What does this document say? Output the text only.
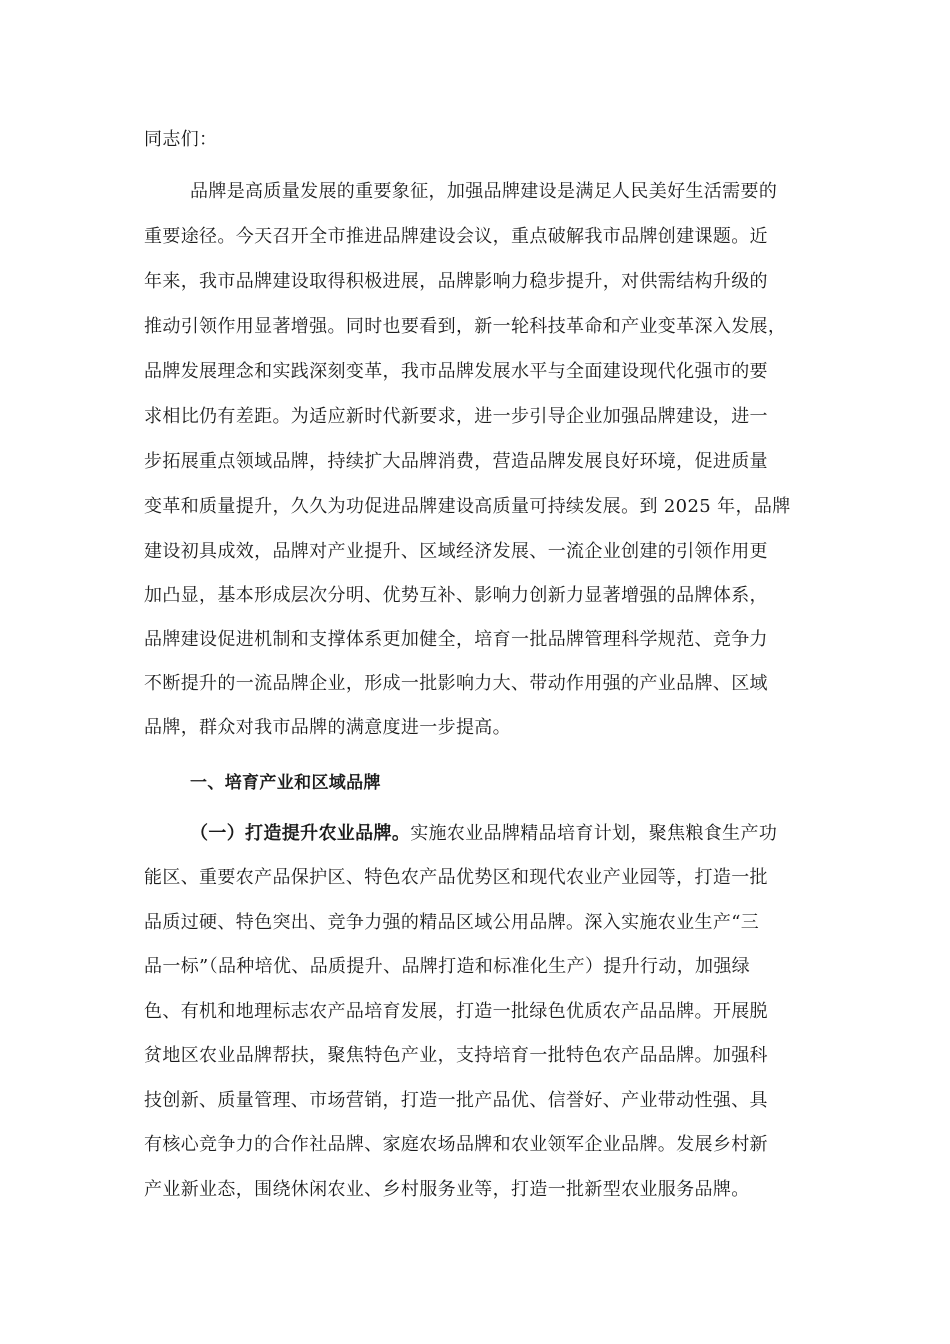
同志们：
品牌是高质量发展的重要象征，加强品牌建设是满足人民美好生活需要的
重要途径。今天召开全市推进品牌建设会议，重点破解我市品牌创建课题。近
年来，我市品牌建设取得积极进展，品牌影响力稳步提升，对供需结构升级的
推动引领作用显著增强。同时也要看到，新一轮科技革命和产业变革深入发展，
品牌发展理念和实践深刻变革，我市品牌发展水平与全面建设现代化强市的要
求相比仍有差距。为适应新时代新要求，进一步引导企业加强品牌建设，进一
步拓展重点领域品牌，持续扩大品牌消费，营造品牌发展良好环境，促进质量
变革和质量提升，久久为功促进品牌建设高质量可持续发展。到 2025 年，品牌
建设初具成效，品牌对产业提升、区域经济发展、一流企业创建的引领作用更
加凸显，基本形成层次分明、优势互补、影响力创新力显著增强的品牌体系，
品牌建设促进机制和支撑体系更加健全，培育一批品牌管理科学规范、竞争力
不断提升的一流品牌企业，形成一批影响力大、带动作用强的产业品牌、区域
品牌，群众对我市品牌的满意度进一步提高。
一、培育产业和区域品牌
（一）打造提升农业品牌。实施农业品牌精品培育计划，聚焦粮食生产功
能区、重要农产品保护区、特色农产品优势区和现代农业产业园等，打造一批
品质过硬、特色突出、竞争力强的精品区域公用品牌。深入实施农业生产“三
品一标”（品种培优、品质提升、品牌打造和标准化生产）提升行动，加强绿
色、有机和地理标志农产品培育发展，打造一批绿色优质农产品品牌。开展脱
贫地区农业品牌帮扶，聚焦特色产业，支持培育一批特色农产品品牌。加强科
技创新、质量管理、市场营销，打造一批产品优、信誉好、产业带动性强、具
有核心竞争力的合作社品牌、家庭农场品牌和农业领军企业品牌。发展乡村新
产业新业态，围绕休闲农业、乡村服务业等，打造一批新型农业服务品牌。
